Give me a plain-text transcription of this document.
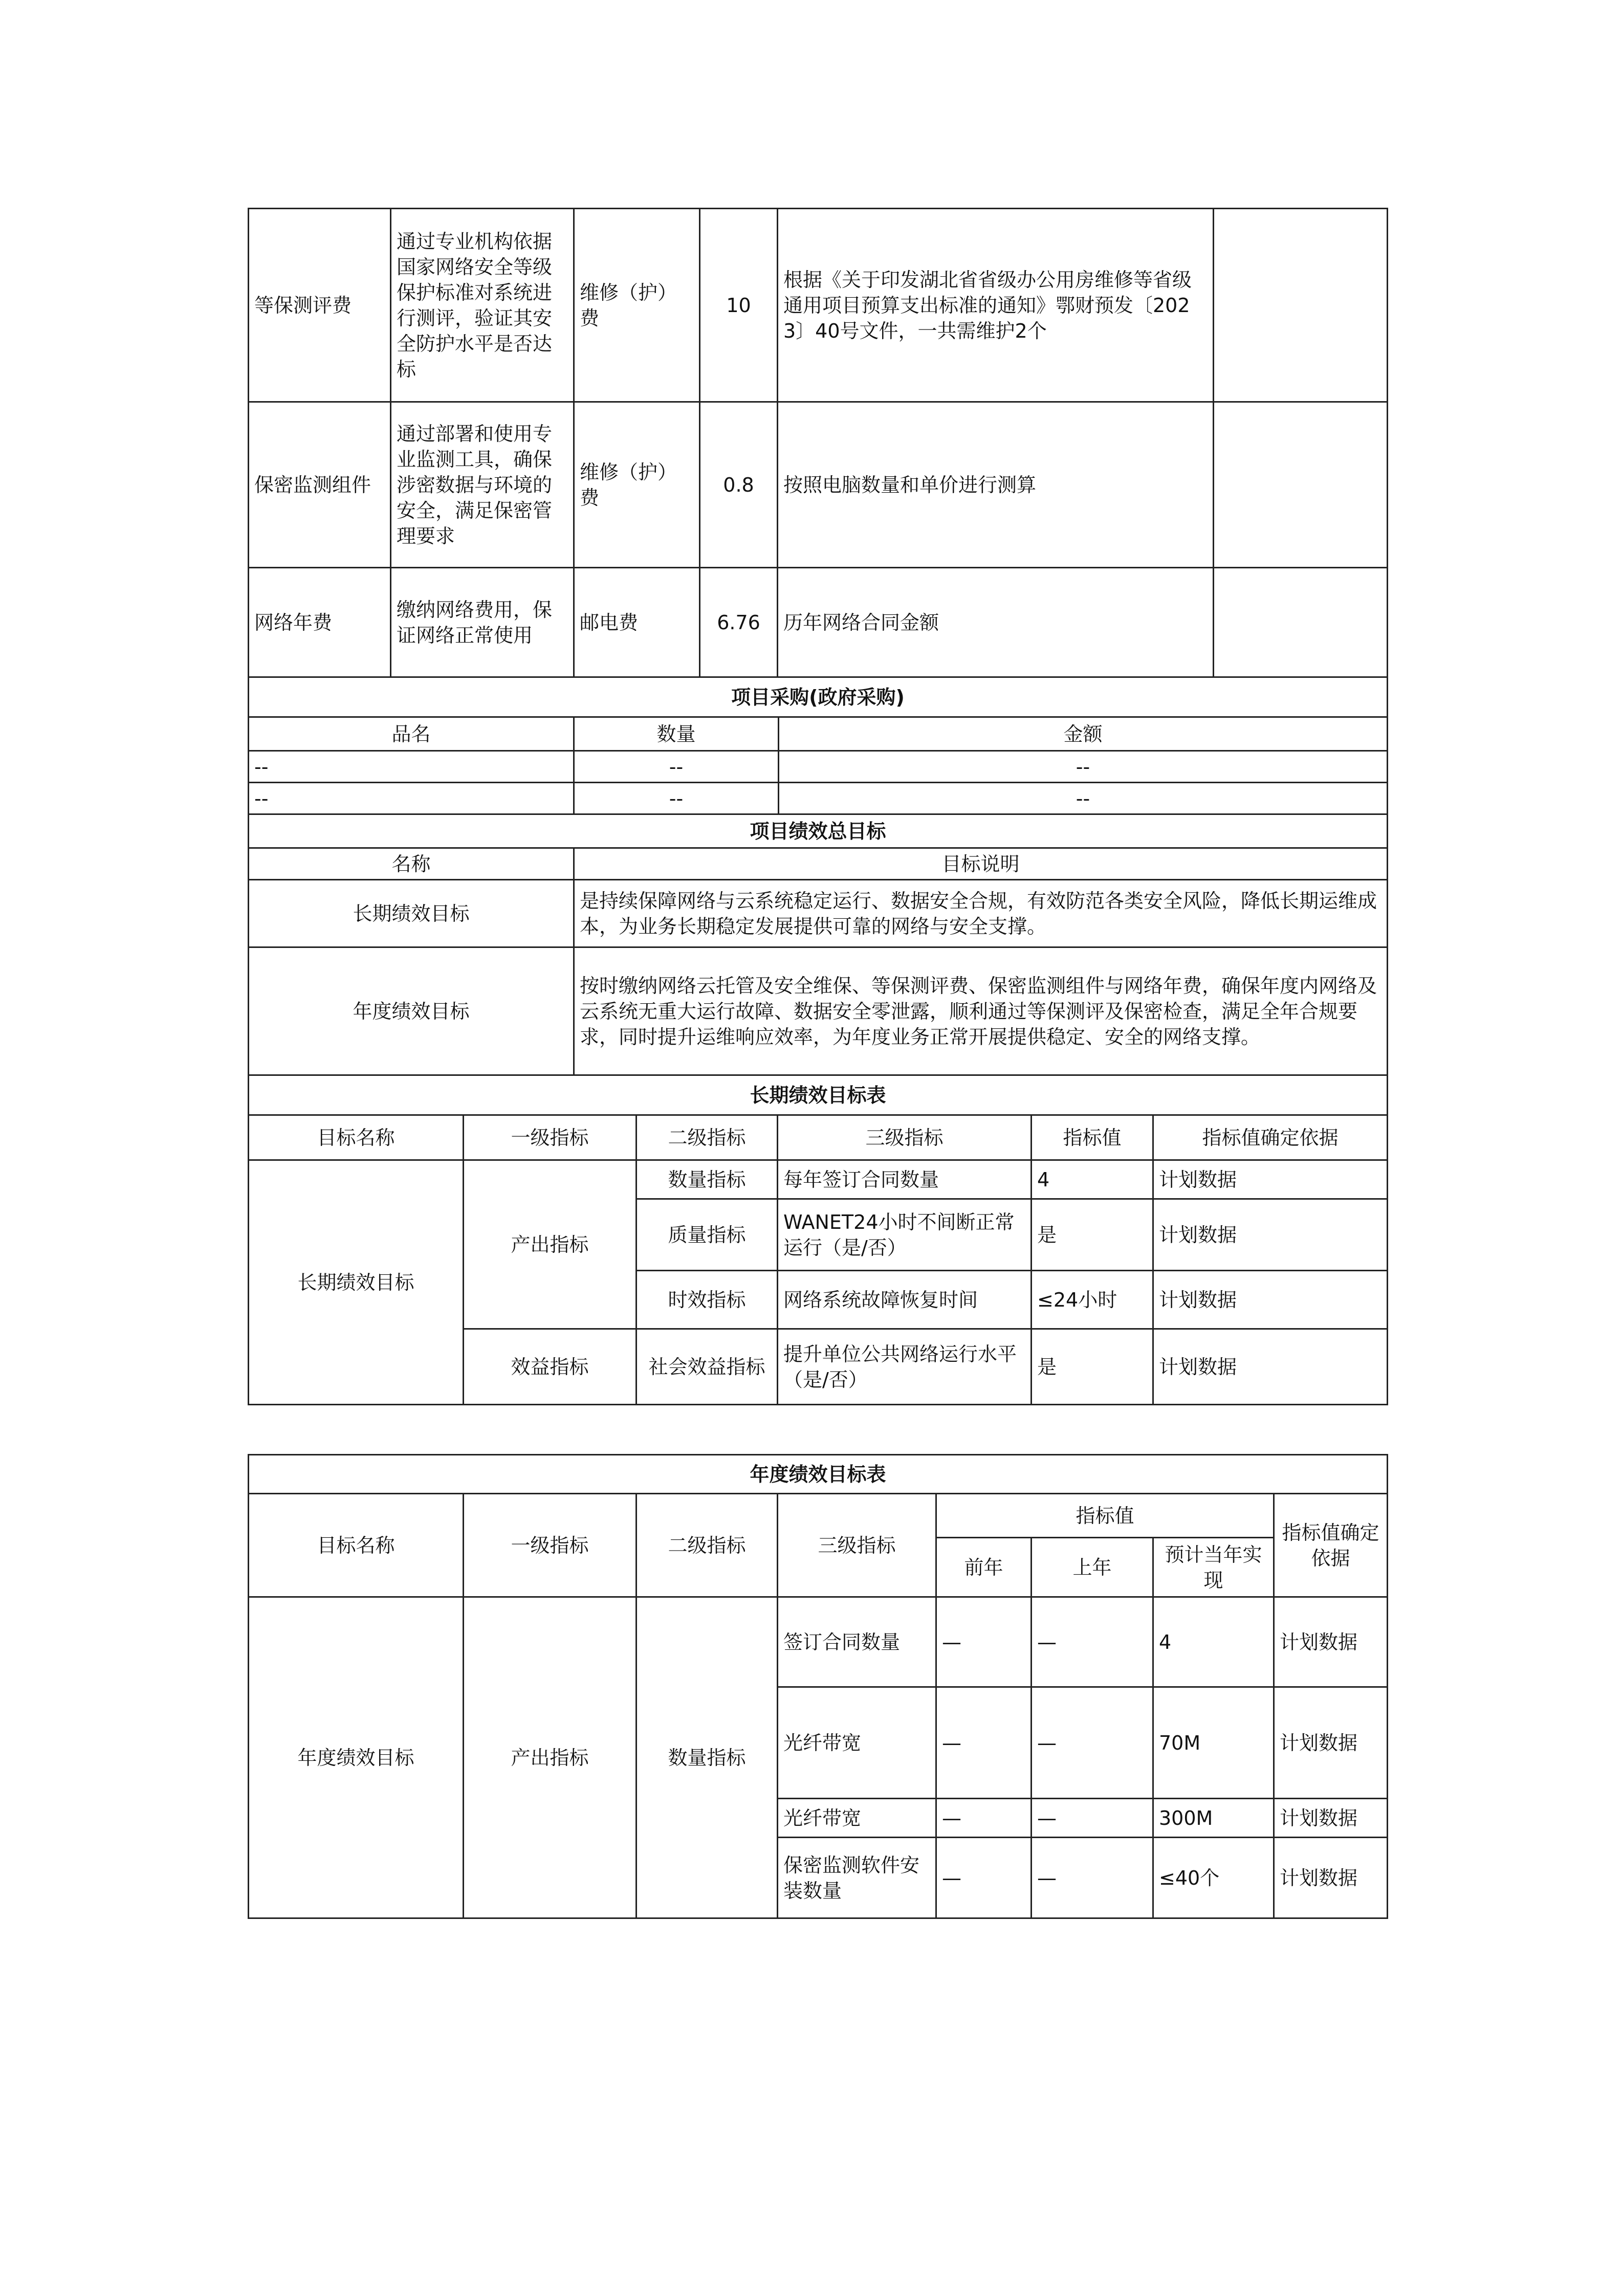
等保测评费	通过专业机构依据国家网络安全等级保护标准对系统进行测评，验证其安全防护水平是否达标	维修（护）费	10	根据《关于印发湖北省省级办公用房维修等省级通用项目预算支出标准的通知》鄂财预发〔2023〕40号文件，一共需维护2个	
保密监测组件	通过部署和使用专业监测工具，确保涉密数据与环境的安全，满足保密管理要求	维修（护）费	0.8	按照电脑数量和单价进行测算	
网络年费	缴纳网络费用，保证网络正常使用	邮电费	6.76	历年网络合同金额	
项目采购(政府采购)		
品名	数量	金额
--	--	--
--	--	--
项目绩效总目标		
名称	目标说明	
长期绩效目标	是持续保障网络与云系统稳定运行、数据安全合规，有效防范各类安全风险，降低长期运维成本，为业务长期稳定发展提供可靠的网络与安全支撑。	
年度绩效目标	按时缴纳网络云托管及安全维保、等保测评费、保密监测组件与网络年费，确保年度内网络及云系统无重大运行故障、数据安全零泄露，顺利通过等保测评及保密检查，满足全年合规要求，同时提升运维响应效率，为年度业务正常开展提供稳定、安全的网络支撑。	
长期绩效目标表					
目标名称	一级指标	二级指标	三级指标	指标值	指标值确定依据
长期绩效目标	产出指标	数量指标	每年签订合同数量	4	计划数据
		质量指标	WANET24小时不间断正常运行（是/否）	是	计划数据
		时效指标	网络系统故障恢复时间	≤24小时	计划数据
	效益指标	社会效益指标	提升单位公共网络运行水平（是/否）	是	计划数据
年度绩效目标表							
目标名称	一级指标	二级指标	三级指标	指标值			指标值确定依据
				前年	上年	预计当年实现	
年度绩效目标	产出指标	数量指标	签订合同数量	—	—	4	计划数据
			光纤带宽	—	—	70M	计划数据
			光纤带宽	—	—	300M	计划数据
			保密监测软件安装数量	—	—	≤40个	计划数据
